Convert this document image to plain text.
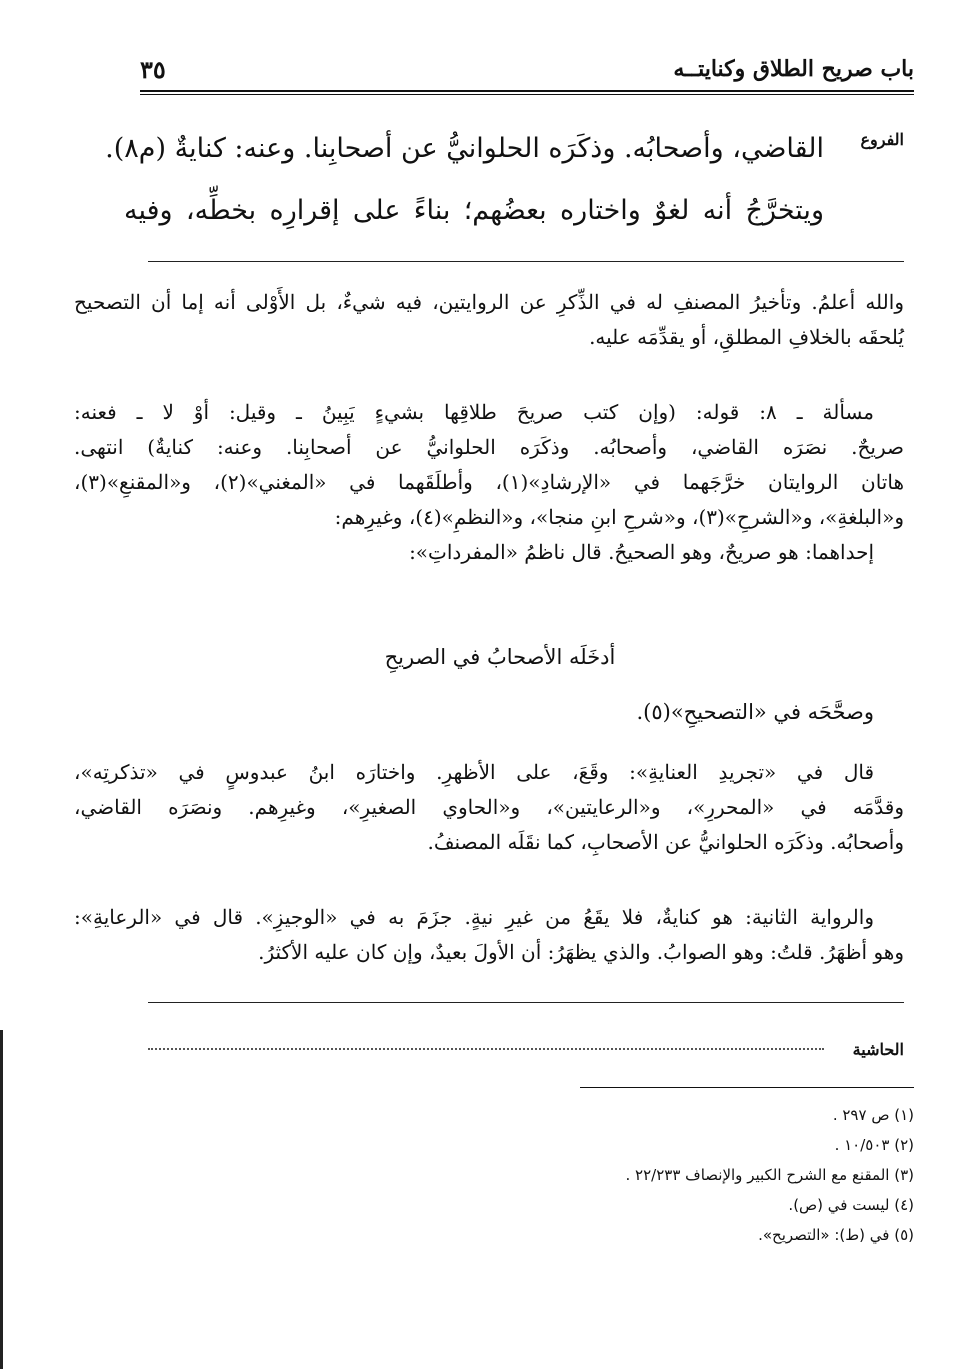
باب صريح الطلاق وكنايتــه
٣٥
الفروع
القاضي، وأصحابُه. وذكَرَه الحلوانيُّ عن أصحابِنا. وعنه: كنايةٌ (م٨).
ويتخرَّجُ أنه لغوٌ واختاره بعضُهم؛ بناءً على إقرارِه بخطِّه، وفيه

والله أعلمُ. وتأخيرُ المصنفِ له في الذِّكرِ عن الروايتين، فيه شيءٌ، بل الأَوْلى أنه إما أن التصحيح

يُلحقَه بالخلافِ المطلقِ، أو يقدِّمَه عليه.

مسألة ـ ٨: قوله: (وإن كتب صريحَ طلاقِها بشيءٍ يَبِينُ ـ وقيل: أوْ لا ـ فعنه:

صريحٌ. نصَرَه القاضي، وأصحابُه. وذكَرَه الحلوانيُّ عن أصحابِنا. وعنه: كنايةٌ) انتهى.

هاتان الروايتان خرَّجَهما في «الإرشادِ»(١)، وأطلَقَهما في «المغني»(٢)، و«المقنعِ»(٣)،

و«البلغةِ»، و«الشرحِ»(٣)، و«شرحِ ابنِ منجا»، و«النظمِ»(٤)، وغيرِهم:

إحداهما: هو صريحٌ، وهو الصحيحُ. قال ناظمُ «المفرداتِ»:

أدخَلَه الأصحابُ في الصريحِ
وصحَّحَه في «التصحيحِ»(٥).

قال في «تجريدِ العنايةِ»: وقَعَ، على الأظهرِ. واختارَه ابنُ عبدوسٍ في «تذكرتِه»،

وقدَّمَه في «المحررِ»، و«الرعايتين»، و«الحاوي الصغيرِ»، وغيرِهم. ونصَرَه القاضي،

وأصحابُه. وذكَرَه الحلوانيُّ عن الأصحابِ، كما نقَلَه المصنفُ.

والرواية الثانية: هو كنايةٌ، فلا يقَعُ من غيرِ نيةٍ. جزَمَ به في «الوجيزِ». قال في «الرعايةِ»:

وهو أظهَرُ. قلتُ: وهو الصوابُ. والذي يظهَرُ: أن الأولَ بعيدٌ، وإن كان عليه الأكثرُ.

الحاشية
(١) ص ٢٩٧ .
(٢) ١٠/٥٠٣ .
(٣) المقنع مع الشرح الكبير والإنصاف ٢٢/٢٣٣ .
(٤) ليست في (ص).
(٥) في (ط): «التصريح».
